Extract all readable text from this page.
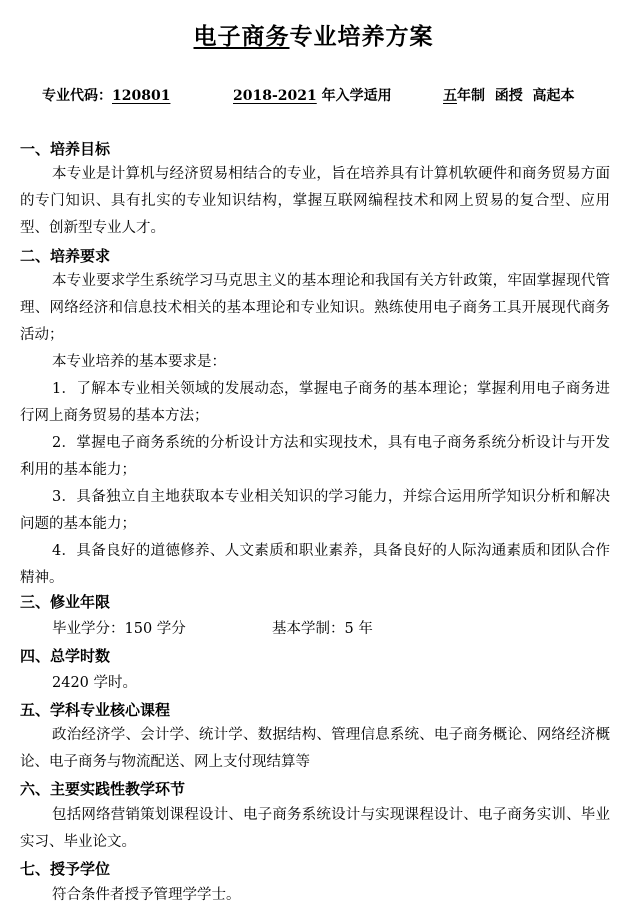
电子商务专业培养方案
专业代码：120801	2018-2021 年入学适用	五年制  函授  高起本
一、培养目标
本专业是计算机与经济贸易相结合的专业，旨在培养具有计算机软硬件和商务贸易方面的专门知识、具有扎实的专业知识结构，掌握互联网编程技术和网上贸易的复合型、应用型、创新型专业人才。
二、培养要求
本专业要求学生系统学习马克思主义的基本理论和我国有关方针政策，牢固掌握现代管理、网络经济和信息技术相关的基本理论和专业知识。熟练使用电子商务工具开展现代商务活动；
本专业培养的基本要求是：
1．了解本专业相关领域的发展动态，掌握电子商务的基本理论；掌握利用电子商务进行网上商务贸易的基本方法；
2．掌握电子商务系统的分析设计方法和实现技术，具有电子商务系统分析设计与开发利用的基本能力；
3．具备独立自主地获取本专业相关知识的学习能力，并综合运用所学知识分析和解决问题的基本能力；
4．具备良好的道德修养、人文素质和职业素养，具备良好的人际沟通素质和团队合作精神。
三、修业年限
毕业学分：150 学分	基本学制：5 年
四、总学时数
2420 学时。
五、学科专业核心课程
政治经济学、会计学、统计学、数据结构、管理信息系统、电子商务概论、网络经济概论、电子商务与物流配送、网上支付现结算等
六、主要实践性教学环节
包括网络营销策划课程设计、电子商务系统设计与实现课程设计、电子商务实训、毕业实习、毕业论文。
七、授予学位
符合条件者授予管理学学士。
